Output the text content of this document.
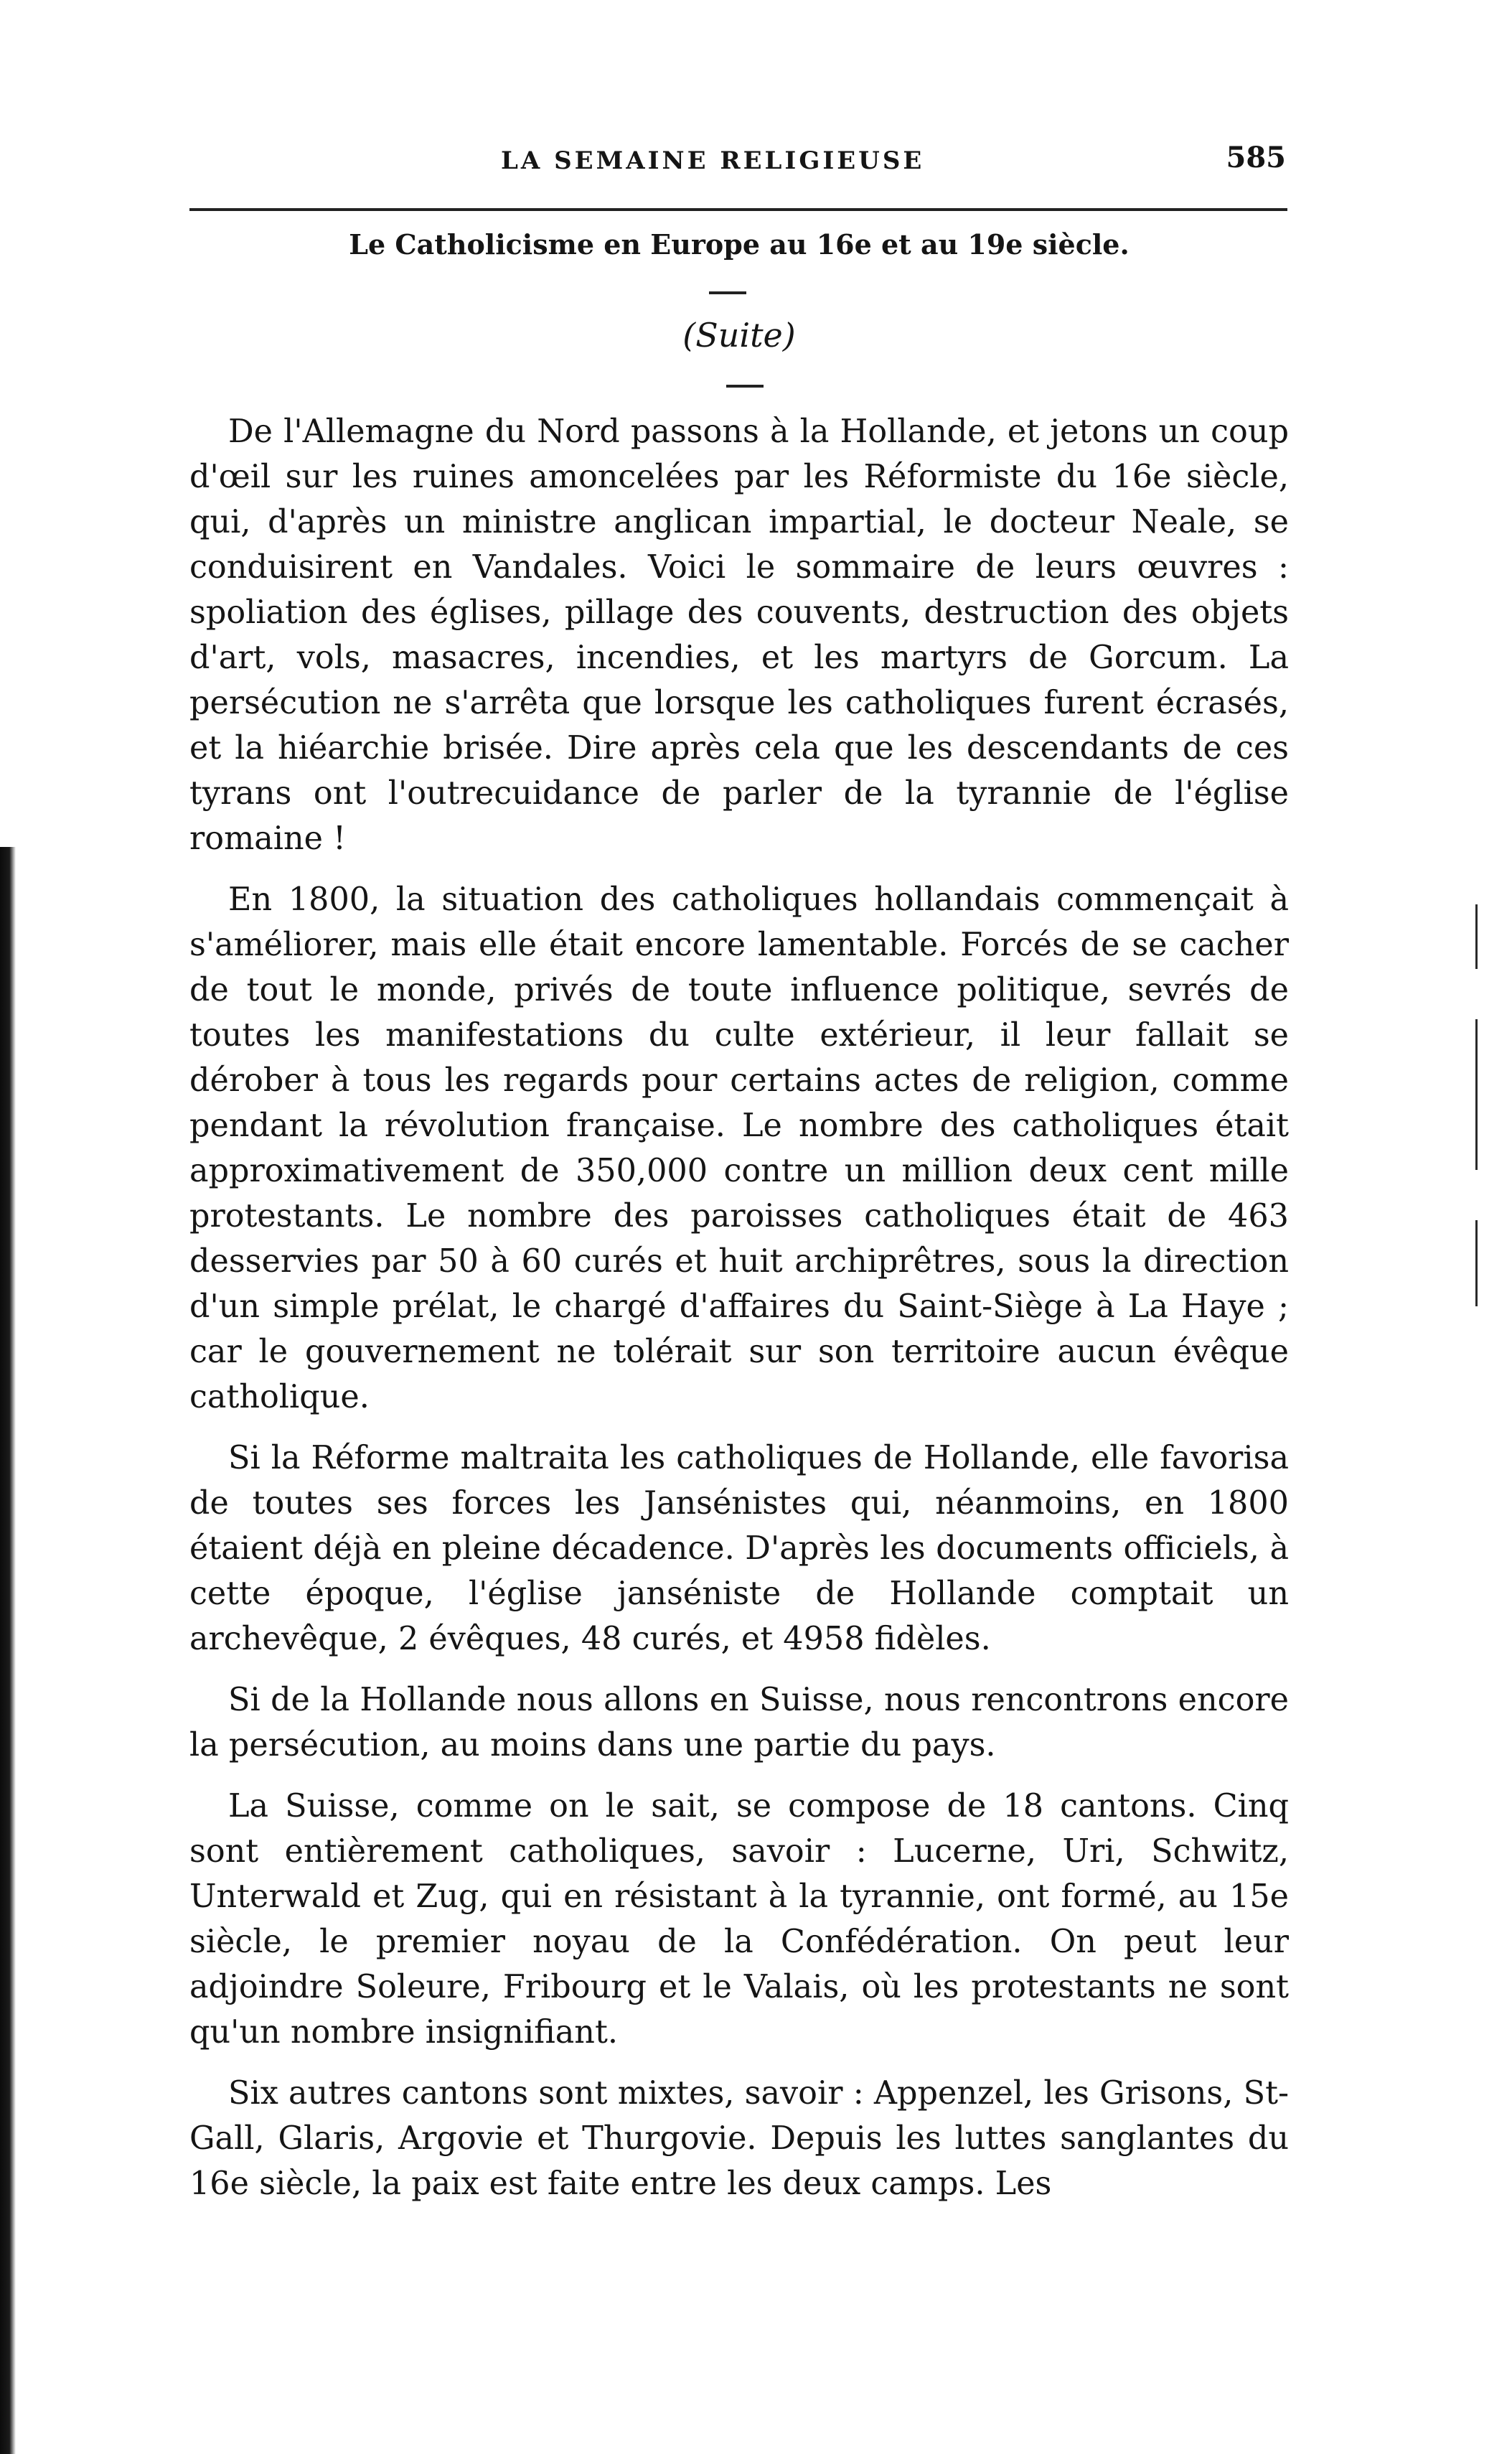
LA SEMAINE RELIGIEUSE	585
Le Catholicisme en Europe au 16e et au 19e siècle.
(Suite)

De l'Allemagne du Nord passons à la Hollande, et jetons un coup d'œil sur les ruines amoncelées par les Réformiste du 16e siècle, qui, d'après un ministre anglican impartial, le docteur Neale, se conduisirent en Vandales. Voici le sommaire de leurs œuvres : spoliation des églises, pillage des couvents, destruction des objets d'art, vols, masacres, incendies, et les martyrs de Gorcum. La persécution ne s'arrêta que lorsque les catholiques furent écrasés, et la hiéarchie brisée. Dire après cela que les descendants de ces tyrans ont l'outrecuidance de parler de la tyrannie de l'église romaine !

En 1800, la situation des catholiques hollandais commençait à s'améliorer, mais elle était encore lamentable. Forcés de se cacher de tout le monde, privés de toute influence politique, sevrés de toutes les manifestations du culte extérieur, il leur fallait se dérober à tous les regards pour certains actes de religion, comme pendant la révolution française. Le nombre des catholiques était approximativement de 350,000 contre un million deux cent mille protestants. Le nombre des paroisses catholiques était de 463 desservies par 50 à 60 curés et huit archiprêtres, sous la direction d'un simple prélat, le chargé d'affaires du Saint-Siège à La Haye ; car le gouvernement ne tolérait sur son territoire aucun évêque catholique.

Si la Réforme maltraita les catholiques de Hollande, elle favorisa de toutes ses forces les Jansénistes qui, néanmoins, en 1800 étaient déjà en pleine décadence. D'après les documents officiels, à cette époque, l'église janséniste de Hollande comptait un archevêque, 2 évêques, 48 curés, et 4958 fidèles.

Si de la Hollande nous allons en Suisse, nous rencontrons encore la persécution, au moins dans une partie du pays.

La Suisse, comme on le sait, se compose de 18 cantons. Cinq sont entièrement catholiques, savoir : Lucerne, Uri, Schwitz, Unterwald et Zug, qui en résistant à la tyrannie, ont formé, au 15e siècle, le premier noyau de la Confédération. On peut leur adjoindre Soleure, Fribourg et le Valais, où les protestants ne sont qu'un nombre insignifiant.

Six autres cantons sont mixtes, savoir : Appenzel, les Grisons, St-Gall, Glaris, Argovie et Thurgovie. Depuis les luttes sanglantes du 16e siècle, la paix est faite entre les deux camps. Les
